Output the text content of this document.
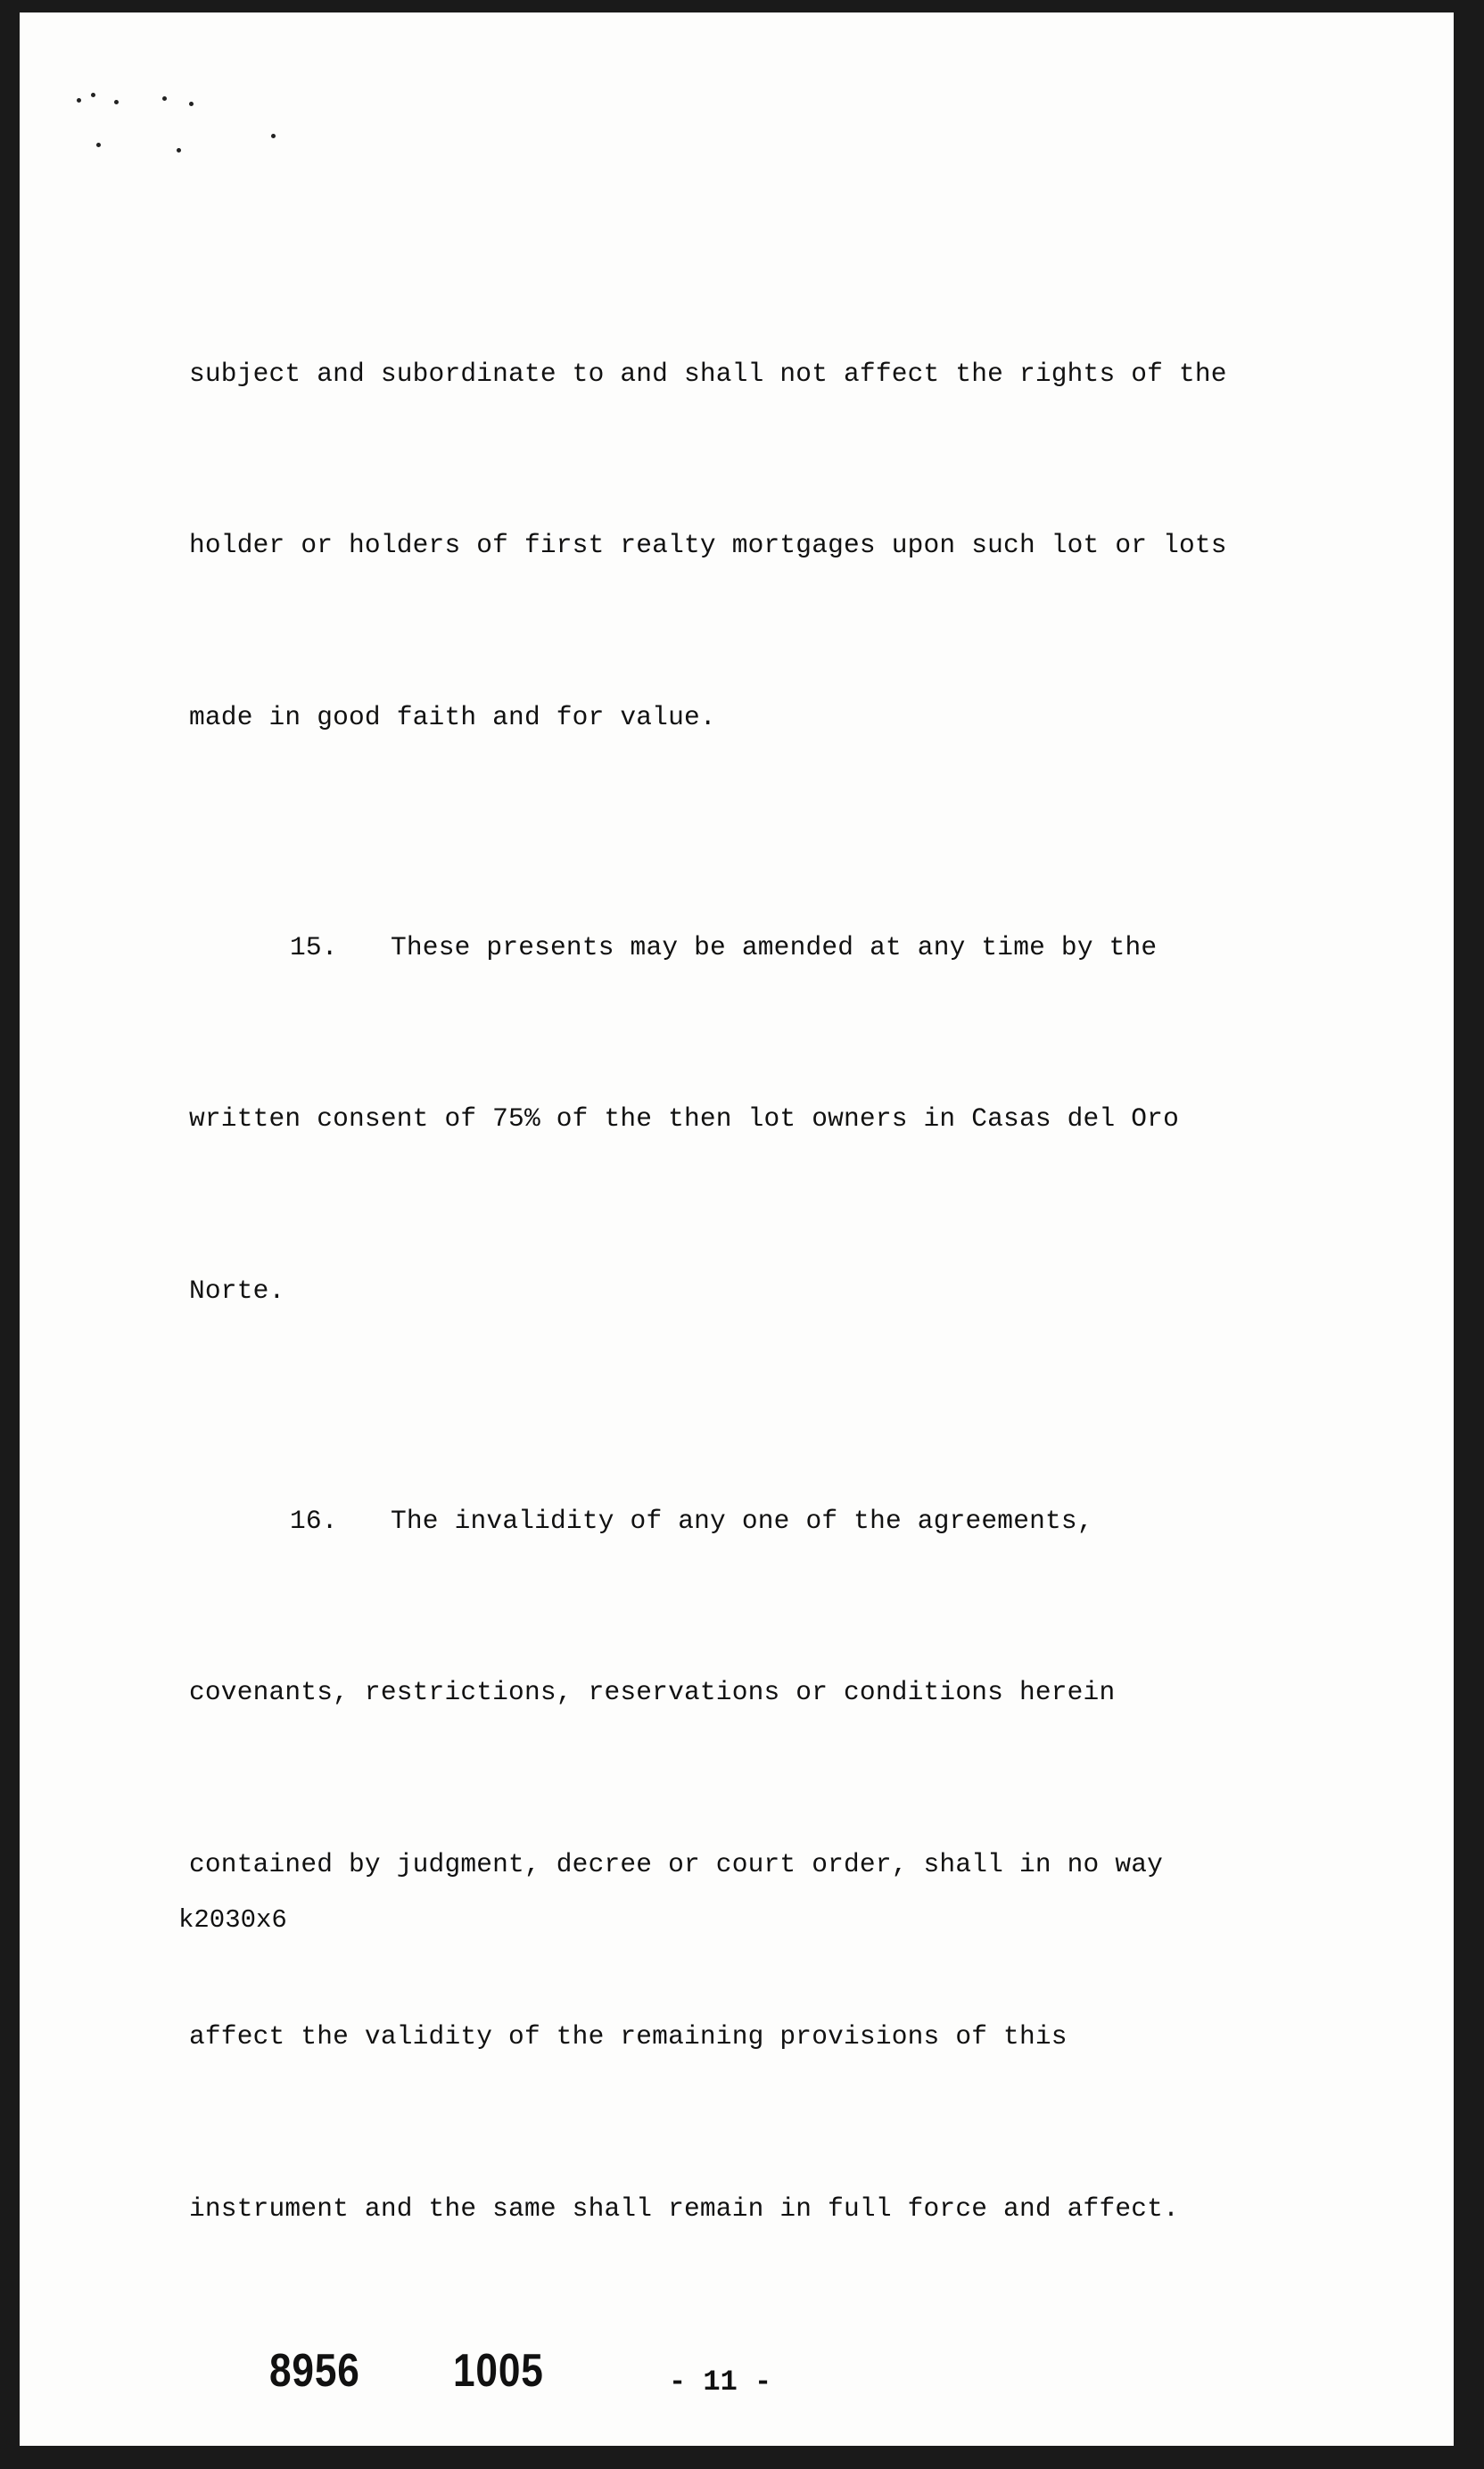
subject and subordinate to and shall not affect the rights of the

holder or holders of first realty mortgages upon such lot or lots

made in good faith and for value.

15. These presents may be amended at any time by the

written consent of 75% of the then lot owners in Casas del Oro

Norte.

16. The invalidity of any one of the agreements,

covenants, restrictions, reservations or conditions herein

contained by judgment, decree or court order, shall in no way

affect the validity of the remaining provisions of this

instrument and the same shall remain in full force and affect.

k2030x6
8956 1005	- 11 -
